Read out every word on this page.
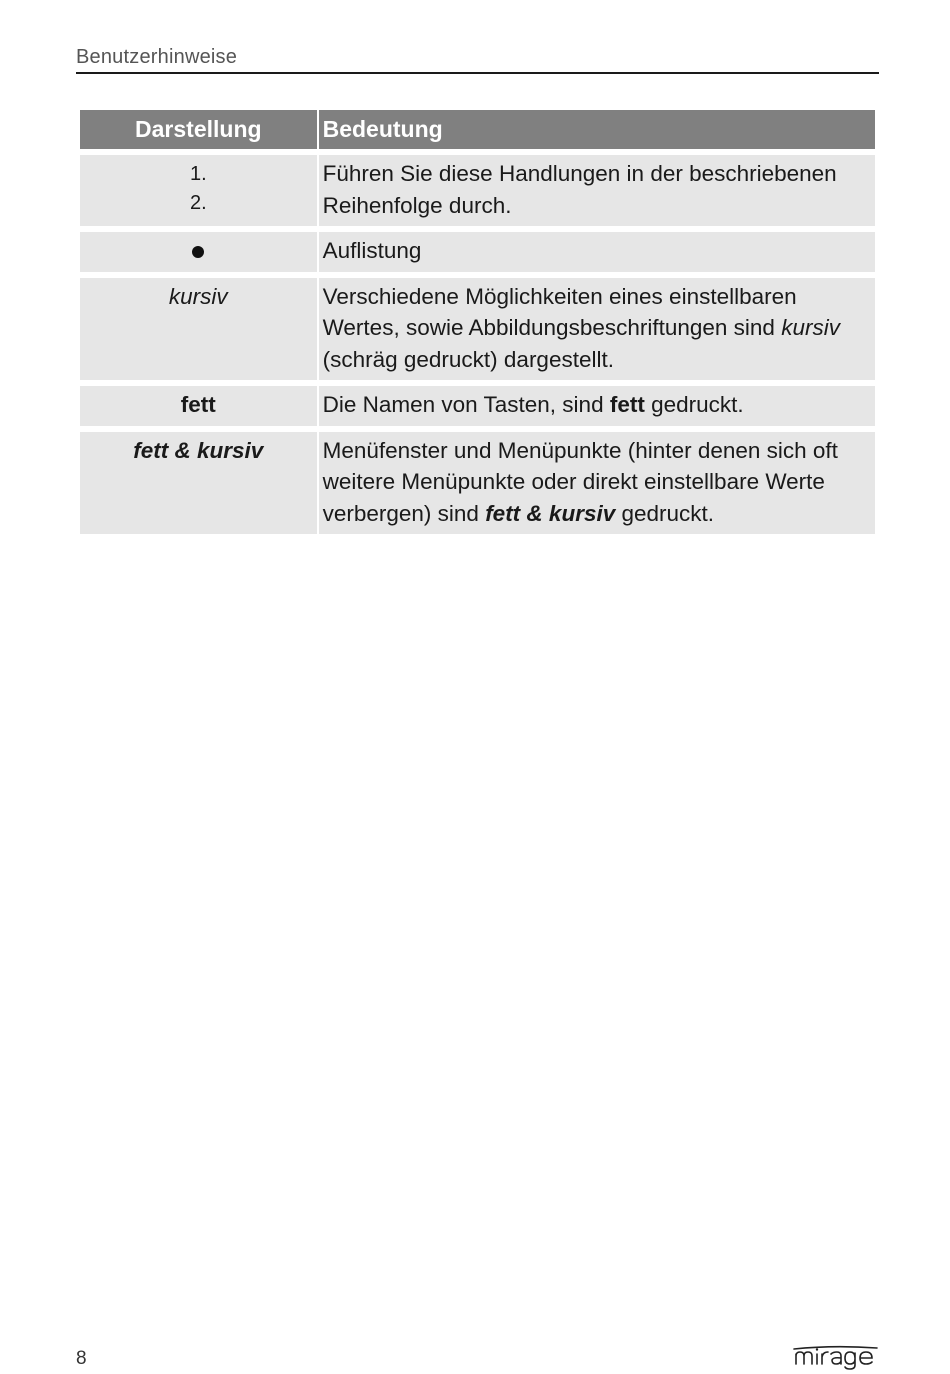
Benutzerhinweise
Darstellung	Bedeutung

1.
2.	Führen Sie diese Handlungen in der beschriebenen Reihenfolge durch.
	Auflistung
kursiv	Verschiedene Möglichkeiten eines einstellbaren Wertes, sowie Abbildungsbeschriftungen sind kursiv (schräg gedruckt) dargestellt.
fett	Die Namen von Tasten, sind fett gedruckt.
fett & kursiv	Menüfenster und Menüpunkte (hinter denen sich oft weitere Menüpunkte oder direkt einstellbare Werte verbergen) sind fett & kursiv gedruckt.
8
